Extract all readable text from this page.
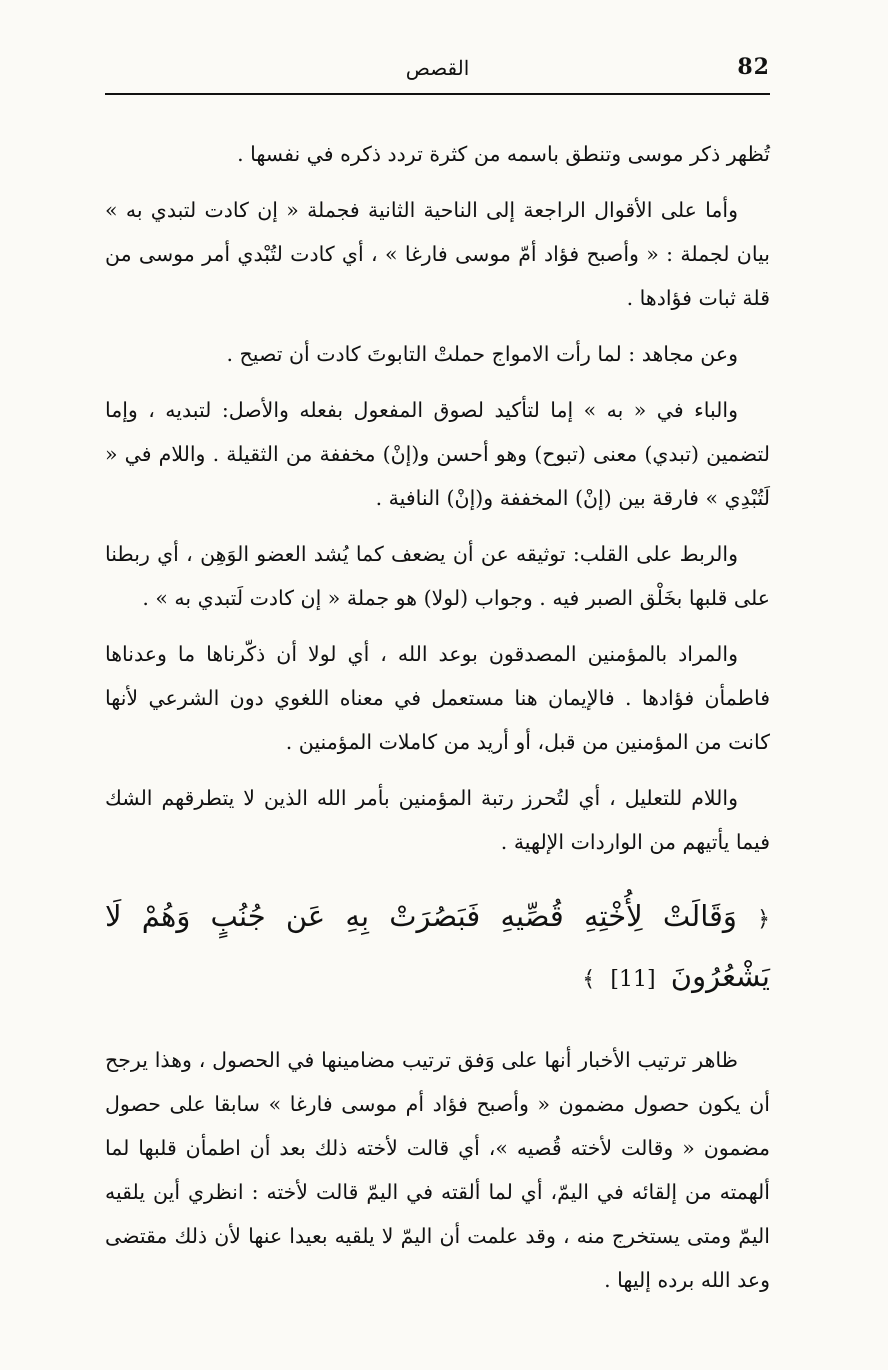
82
القصص

تُظهر ذكر موسى وتنطق باسمه من كثرة تردد ذكره في نفسها .

وأما على الأقوال الراجعة إلى الناحية الثانية فجملة « إن كادت لتبدي به » بيان لجملة : « وأصبح فؤاد أمّ موسى فارغا » ، أي كادت لتُبْدي أمر موسى من قلة ثبات فؤادها .

وعن مجاهد : لما رأت الامواج حملتْ التابوتَ كادت أن تصيح .

والباء في « به » إما لتأكيد لصوق المفعول بفعله والأصل: لتبديه ، وإما لتضمين (تبدي) معنى (تبوح) وهو أحسن و(إنْ) مخففة من الثقيلة . واللام في « لَتُبْدِي » فارقة بين (إنْ) المخففة و(إنْ) النافية .

والربط على القلب: توثيقه عن أن يضعف كما يُشد العضو الوَهِن ، أي ربطنا على قلبها بخَلْق الصبر فيه . وجواب (لولا) هو جملة « إن كادت لَتبدي به » .

والمراد بالمؤمنين المصدقون بوعد الله ، أي لولا أن ذكّرناها ما وعدناها فاطمأن فؤادها . فالإيمان هنا مستعمل في معناه اللغوي دون الشرعي لأنها كانت من المؤمنين من قبل، أو أريد من كاملات المؤمنين .

واللام للتعليل ، أي لتُحرز رتبة المؤمنين بأمر الله الذين لا يتطرقهم الشك فيما يأتيهم من الواردات الإلهية .

﴿ وَقَالَتْ لِأُخْتِهِ قُصِّيهِ فَبَصُرَتْ بِهِ عَن جُنُبٍ وَهُمْ لَا يَشْعُرُونَ [11] ﴾

ظاهر ترتيب الأخبار أنها على وَفق ترتيب مضامينها في الحصول ، وهذا يرجح أن يكون حصول مضمون « وأصبح فؤاد أم موسى فارغا » سابقا على حصول مضمون « وقالت لأخته قُصيه »، أي قالت لأخته ذلك بعد أن اطمأن قلبها لما ألهمته من إلقائه في اليمّ، أي لما ألقته في اليمّ قالت لأخته : انظري أين يلقيه اليمّ ومتى يستخرج منه ، وقد علمت أن اليمّ لا يلقيه بعيدا عنها لأن ذلك مقتضى وعد الله برده إليها .
